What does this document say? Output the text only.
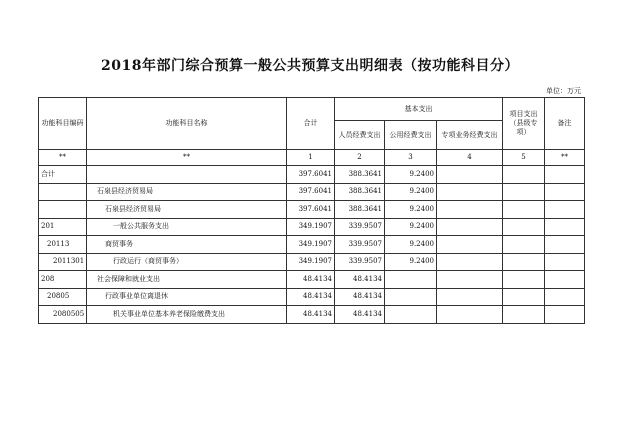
2018年部门综合预算一般公共预算支出明细表（按功能科目分）
单位：万元
功能科目编码	功能科目名称	合计	基本支出			项目支出（县级专项）	备注
			人员经费支出	公用经费支出	专项业务经费支出		
**	**	1	2	3	4	5	**
合计		397.6041	388.3641	9.2400			
	石泉县经济贸易局	397.6041	388.3641	9.2400			
	石泉县经济贸易局	397.6041	388.3641	9.2400			
201	一般公共服务支出	349.1907	339.9507	9.2400			
20113	商贸事务	349.1907	339.9507	9.2400			
2011301	行政运行（商贸事务）	349.1907	339.9507	9.2400			
208	社会保障和就业支出	48.4134	48.4134				
20805	行政事业单位离退休	48.4134	48.4134				
2080505	机关事业单位基本养老保险缴费支出	48.4134	48.4134				
